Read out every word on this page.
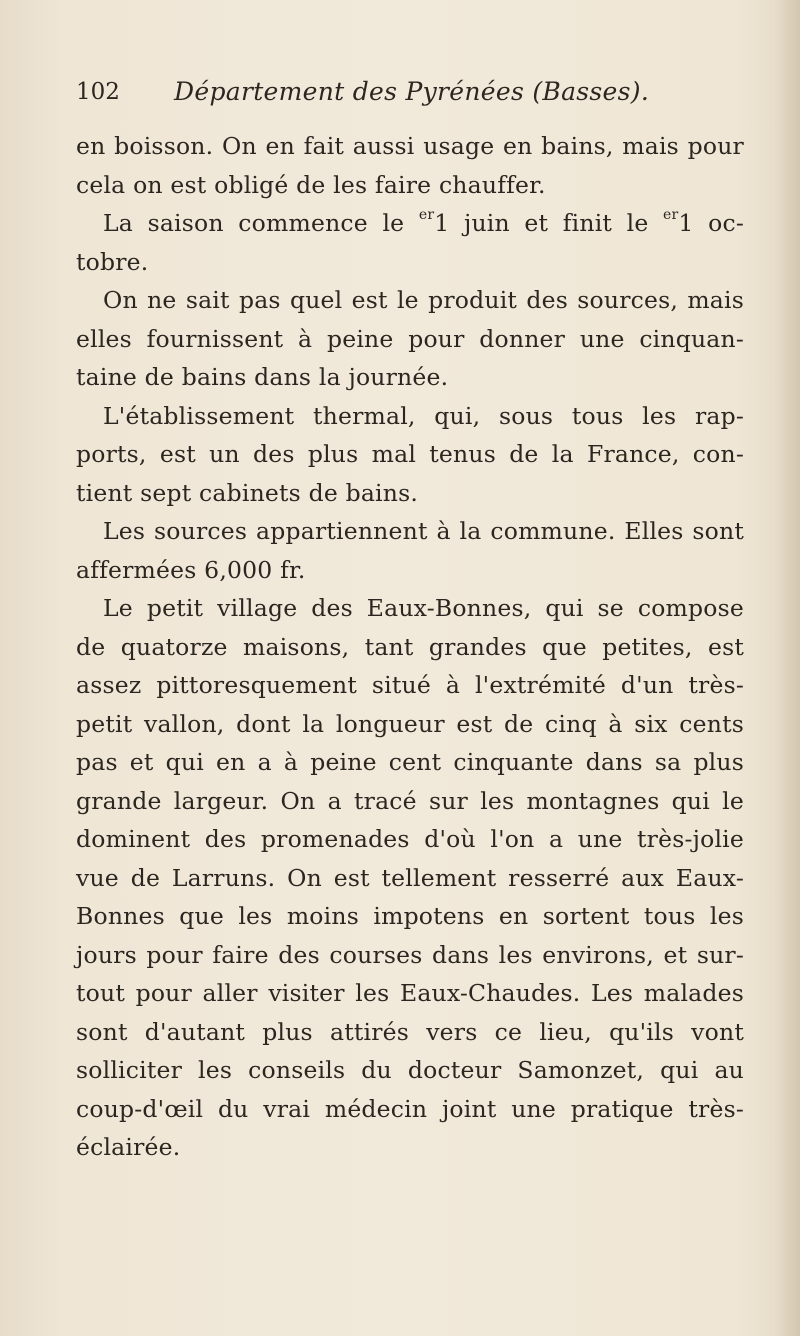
102 Département des Pyrénées (Basses).
en boisson. On en fait aussi usage en bains, mais pour
cela on est obligé de les faire chauffer.
La saison commence le $^{er}$1 juin et finit le $^{er}$1 oc-
tobre.
On ne sait pas quel est le produit des sources, mais
elles fournissent à peine pour donner une cinquan-
taine de bains dans la journée.
L'établissement thermal, qui, sous tous les rap-
ports, est un des plus mal tenus de la France, con-
tient sept cabinets de bains.
Les sources appartiennent à la commune. Elles sont
affermées 6,000 fr.
Le petit village des Eaux-Bonnes, qui se compose
de quatorze maisons, tant grandes que petites, est
assez pittoresquement situé à l'extrémité d'un très-
petit vallon, dont la longueur est de cinq à six cents
pas et qui en a à peine cent cinquante dans sa plus
grande largeur. On a tracé sur les montagnes qui le
dominent des promenades d'où l'on a une très-jolie
vue de Larruns. On est tellement resserré aux Eaux-
Bonnes que les moins impotens en sortent tous les
jours pour faire des courses dans les environs, et sur-
tout pour aller visiter les Eaux-Chaudes. Les malades
sont d'autant plus attirés vers ce lieu, qu'ils vont
solliciter les conseils du docteur Samonzet, qui au
coup-d'œil du vrai médecin joint une pratique très-
éclairée.
